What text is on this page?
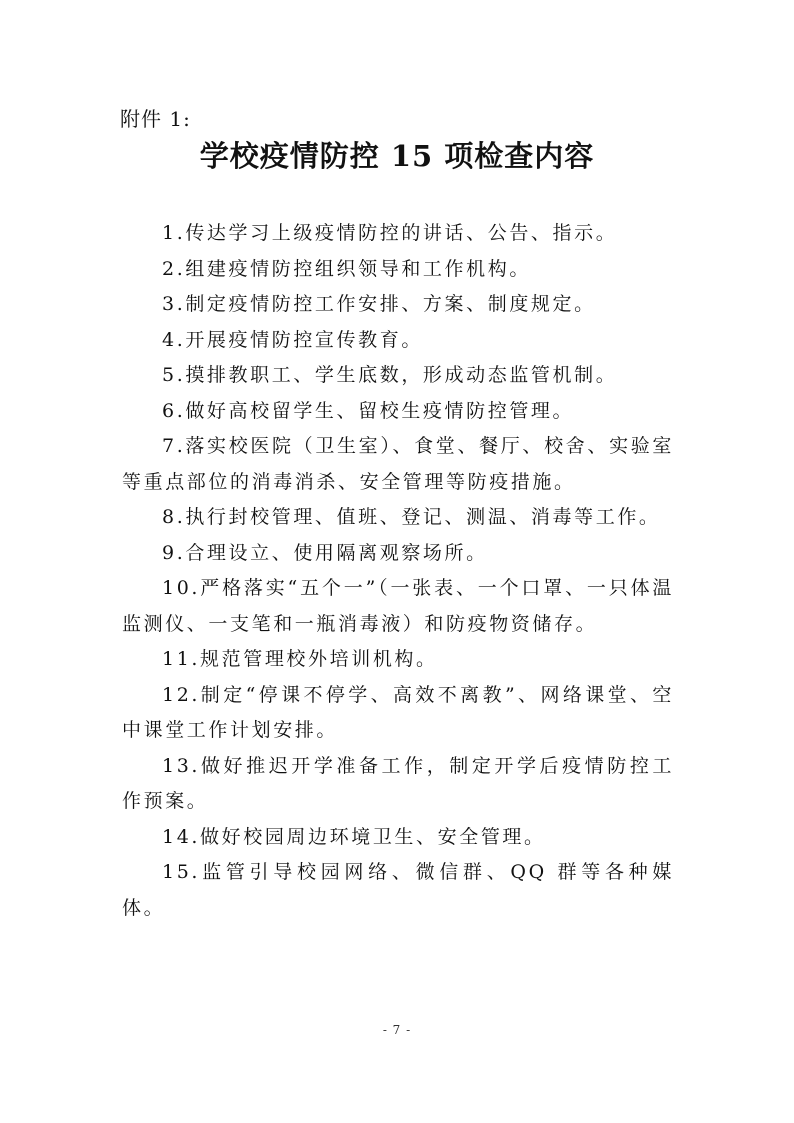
附件 1:
学校疫情防控 15 项检查内容
1.传达学习上级疫情防控的讲话、公告、指示。
2.组建疫情防控组织领导和工作机构。
3.制定疫情防控工作安排、方案、制度规定。
4.开展疫情防控宣传教育。
5.摸排教职工、学生底数，形成动态监管机制。
6.做好高校留学生、留校生疫情防控管理。
7.落实校医院（卫生室）、食堂、餐厅、校舍、实验室等重点部位的消毒消杀、安全管理等防疫措施。
8.执行封校管理、值班、登记、测温、消毒等工作。
9.合理设立、使用隔离观察场所。
10.严格落实“五个一”（一张表、一个口罩、一只体温监测仪、一支笔和一瓶消毒液）和防疫物资储存。
11.规范管理校外培训机构。
12.制定“停课不停学、高效不离教”、网络课堂、空中课堂工作计划安排。
13.做好推迟开学准备工作，制定开学后疫情防控工作预案。
14.做好校园周边环境卫生、安全管理。
15.监管引导校园网络、微信群、QQ 群等各种媒体。
- 7 -
